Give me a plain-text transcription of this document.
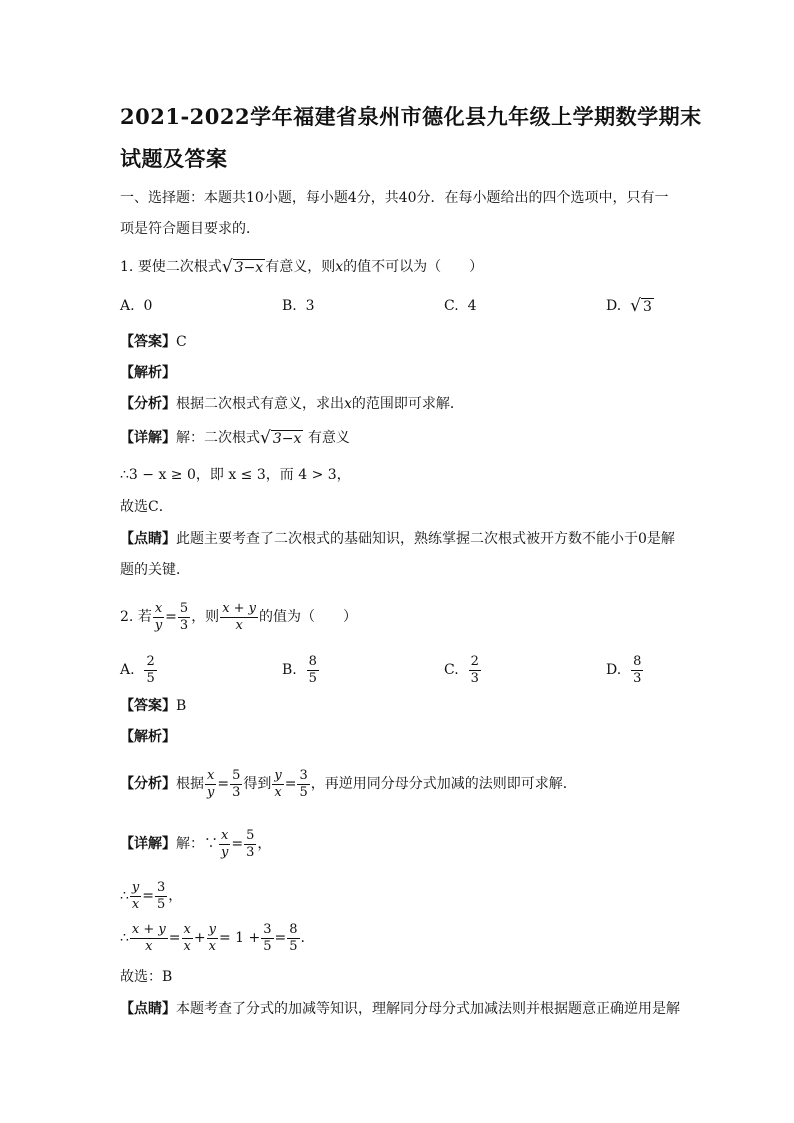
2021-2022学年福建省泉州市德化县九年级上学期数学期末
试题及答案
一、选择题：本题共10小题，每小题4分，共40分．在每小题给出的四个选项中，只有一
项是符合题目要求的．
1. 要使二次根式 √ 3−x 有意义，则x的值不可以为（　　）
A. 0	B. 3	C. 4	D. √ 3
【答案】C
【解析】
【分析】根据二次根式有意义，求出x的范围即可求解．
【详解】解：二次根式 √ 3−x 有意义
∴3 − x ≥ 0，即 x ≤ 3，而 4 > 3，
故选C．
【点睛】此题主要考查了二次根式的基础知识，熟练掌握二次根式被开方数不能小于0是解
题的关键．
2. 若 $\frac{x}{y} = \frac{5}{3}$ ，则 $\frac{x + y}{x}$ 的值为（　　）
A. $\frac{2}{5}$	B. $\frac{8}{5}$	C. $\frac{2}{3}$	D. $\frac{8}{3}$
【答案】B
【解析】
【分析】根据 $\frac{x}{y} = \frac{5}{3}$ 得到 $\frac{y}{x} = \frac{3}{5}$ ，再逆用同分母分式加减的法则即可求解．
【详解】解：∵ $\frac{x}{y} = \frac{5}{3}$ ，
∴ $\frac{y}{x} = \frac{3}{5}$ ，
∴ $\frac{x + y}{x} = \frac{x}{x} + \frac{y}{x} = 1 + \frac{3}{5} = \frac{8}{5}$ .
故选：B
【点睛】本题考查了分式的加减等知识，理解同分母分式加减法则并根据题意正确逆用是解
